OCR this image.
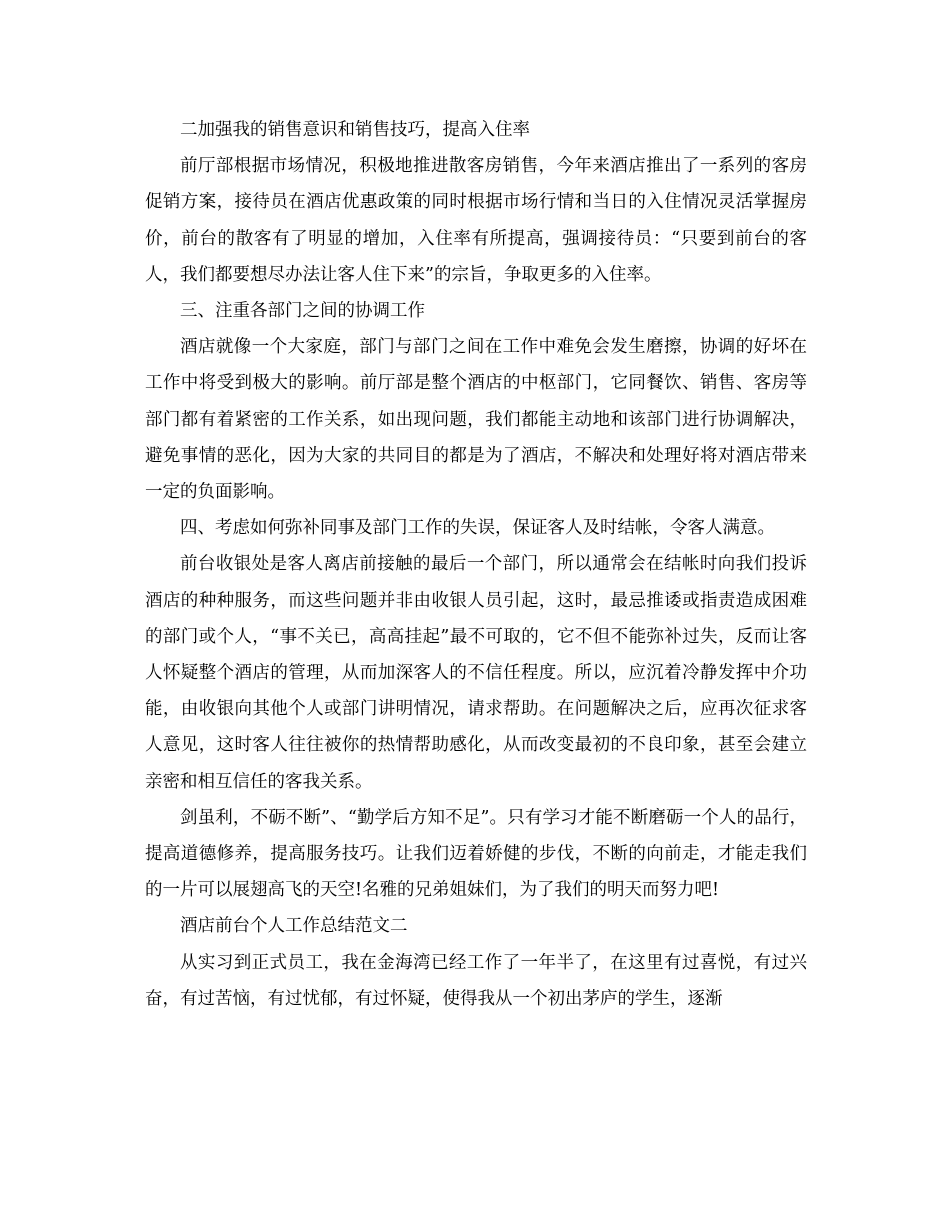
二加强我的销售意识和销售技巧，提高入住率

前厅部根据市场情况，积极地推进散客房销售，今年来酒店推出了一系列的客房促销方案，接待员在酒店优惠政策的同时根据市场行情和当日的入住情况灵活掌握房价，前台的散客有了明显的增加，入住率有所提高，强调接待员：“只要到前台的客人，我们都要想尽办法让客人住下来”的宗旨，争取更多的入住率。

三、注重各部门之间的协调工作

酒店就像一个大家庭，部门与部门之间在工作中难免会发生磨擦，协调的好坏在工作中将受到极大的影响。前厅部是整个酒店的中枢部门，它同餐饮、销售、客房等部门都有着紧密的工作关系，如出现问题，我们都能主动地和该部门进行协调解决，避免事情的恶化，因为大家的共同目的都是为了酒店，不解决和处理好将对酒店带来一定的负面影响。

四、考虑如何弥补同事及部门工作的失误，保证客人及时结帐，令客人满意。

前台收银处是客人离店前接触的最后一个部门，所以通常会在结帐时向我们投诉酒店的种种服务，而这些问题并非由收银人员引起，这时，最忌推诿或指责造成困难的部门或个人，“事不关已，高高挂起”最不可取的，它不但不能弥补过失，反而让客人怀疑整个酒店的管理，从而加深客人的不信任程度。所以，应沉着冷静发挥中介功能，由收银向其他个人或部门讲明情况，请求帮助。在问题解决之后，应再次征求客人意见，这时客人往往被你的热情帮助感化，从而改变最初的不良印象，甚至会建立亲密和相互信任的客我关系。

剑虽利，不砺不断”、“勤学后方知不足”。只有学习才能不断磨砺一个人的品行，提高道德修养，提高服务技巧。让我们迈着娇健的步伐，不断的向前走，才能走我们的一片可以展翅高飞的天空!名雅的兄弟姐妹们，为了我们的明天而努力吧!

酒店前台个人工作总结范文二

从实习到正式员工，我在金海湾已经工作了一年半了，在这里有过喜悦，有过兴奋，有过苦恼，有过忧郁，有过怀疑，使得我从一个初出茅庐的学生，逐渐
